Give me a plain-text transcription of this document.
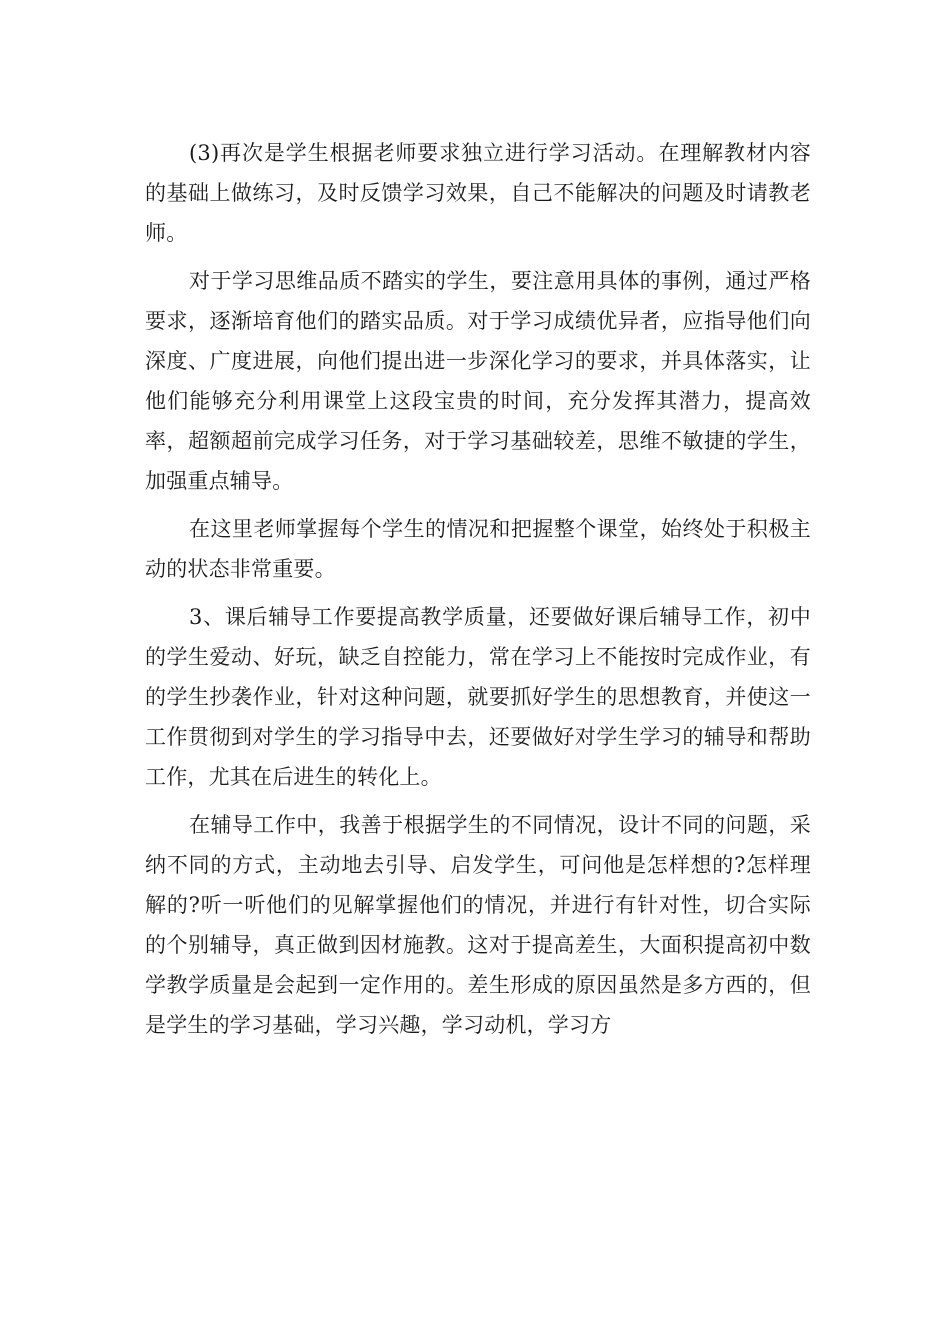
(3)再次是学生根据老师要求独立进行学习活动。在理解教材内容的基础上做练习，及时反馈学习效果，自己不能解决的问题及时请教老师。

对于学习思维品质不踏实的学生，要注意用具体的事例，通过严格要求，逐渐培育他们的踏实品质。对于学习成绩优异者，应指导他们向深度、广度进展，向他们提出进一步深化学习的要求，并具体落实，让他们能够充分利用课堂上这段宝贵的时间，充分发挥其潜力，提高效率，超额超前完成学习任务，对于学习基础较差，思维不敏捷的学生，加强重点辅导。

在这里老师掌握每个学生的情况和把握整个课堂，始终处于积极主动的状态非常重要。

3、课后辅导工作要提高教学质量，还要做好课后辅导工作，初中的学生爱动、好玩，缺乏自控能力，常在学习上不能按时完成作业，有的学生抄袭作业，针对这种问题，就要抓好学生的思想教育，并使这一工作贯彻到对学生的学习指导中去，还要做好对学生学习的辅导和帮助工作，尤其在后进生的转化上。

在辅导工作中，我善于根据学生的不同情况，设计不同的问题，采纳不同的方式，主动地去引导、启发学生，可问他是怎样想的?怎样理解的?听一听他们的见解掌握他们的情况，并进行有针对性，切合实际的个别辅导，真正做到因材施教。这对于提高差生，大面积提高初中数学教学质量是会起到一定作用的。差生形成的原因虽然是多方西的，但是学生的学习基础，学习兴趣，学习动机，学习方
